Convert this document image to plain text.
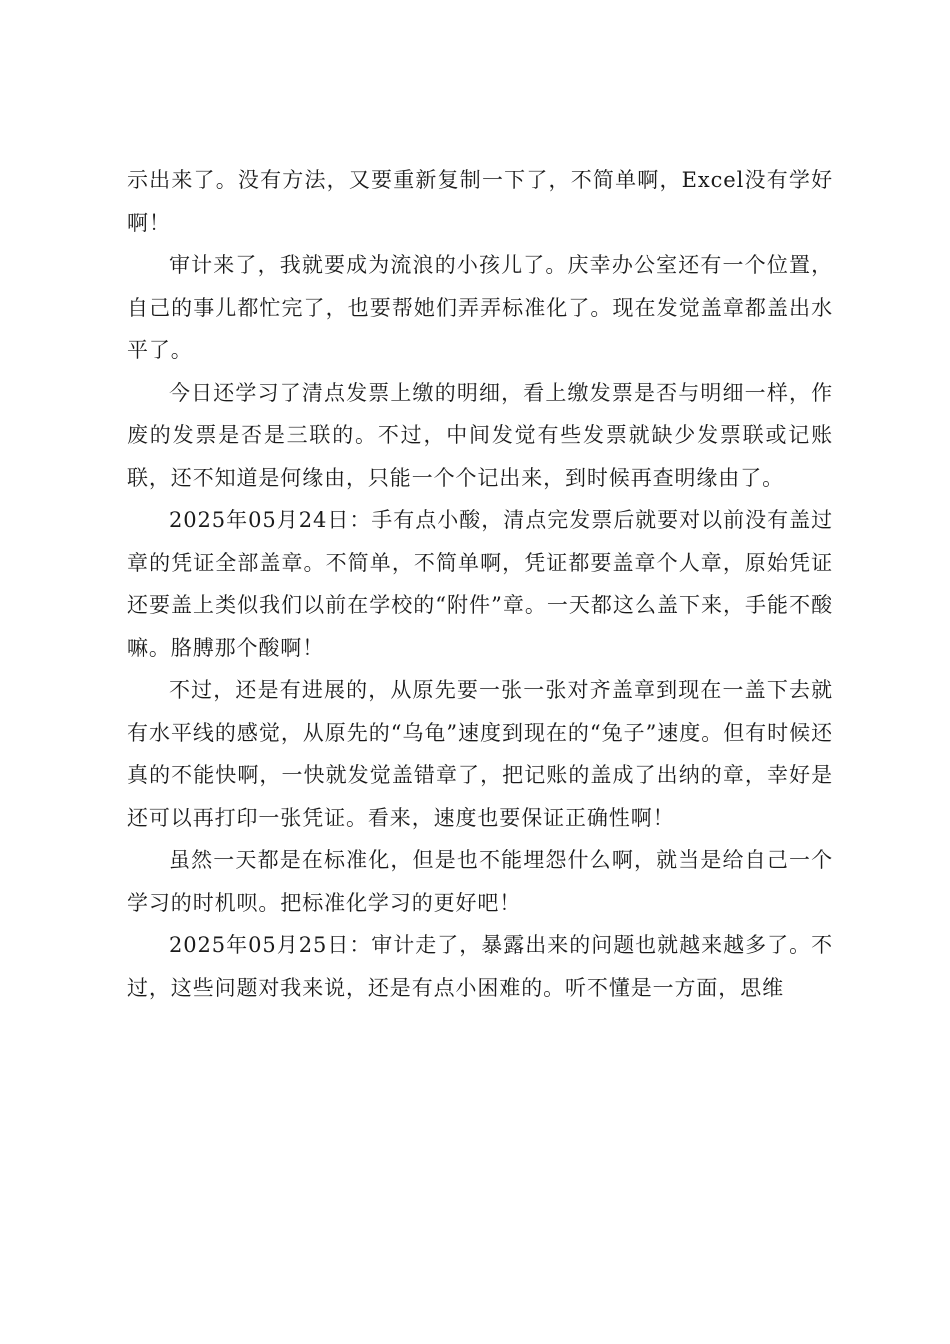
示出来了。没有方法，又要重新复制一下了，不简单啊，Excel没有学好啊！

审计来了，我就要成为流浪的小孩儿了。庆幸办公室还有一个位置，自己的事儿都忙完了，也要帮她们弄弄标准化了。现在发觉盖章都盖出水平了。

今日还学习了清点发票上缴的明细，看上缴发票是否与明细一样，作废的发票是否是三联的。不过，中间发觉有些发票就缺少发票联或记账联，还不知道是何缘由，只能一个个记出来，到时候再查明缘由了。

2025年05月24日：手有点小酸，清点完发票后就要对以前没有盖过章的凭证全部盖章。不简单，不简单啊，凭证都要盖章个人章，原始凭证还要盖上类似我们以前在学校的“附件”章。一天都这么盖下来，手能不酸嘛。胳膊那个酸啊！

不过，还是有进展的，从原先要一张一张对齐盖章到现在一盖下去就有水平线的感觉，从原先的“乌龟”速度到现在的“兔子”速度。但有时候还真的不能快啊，一快就发觉盖错章了，把记账的盖成了出纳的章，幸好是还可以再打印一张凭证。看来，速度也要保证正确性啊！

虽然一天都是在标准化，但是也不能埋怨什么啊，就当是给自己一个学习的时机呗。把标准化学习的更好吧！

2025年05月25日：审计走了，暴露出来的问题也就越来越多了。不过，这些问题对我来说，还是有点小困难的。听不懂是一方面，思维
